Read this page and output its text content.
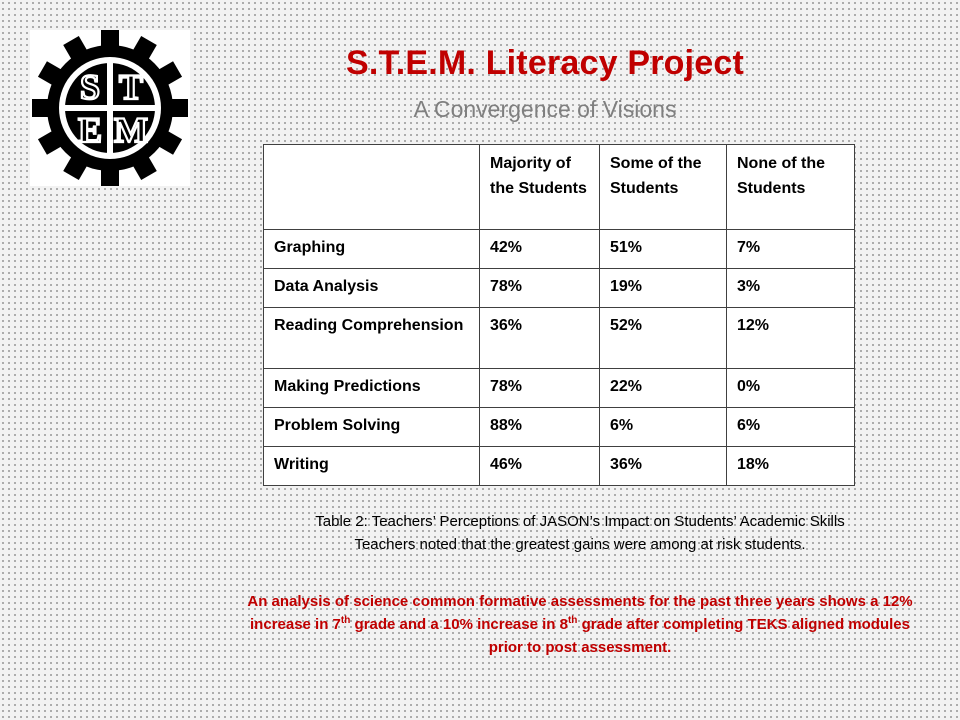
S T
E M
S.T.E.M. Literacy Project
A Convergence of Visions
	Majority of the Students	Some of the Students	None of the Students
Graphing	42%	51%	7%
Data Analysis	78%	19%	3%
Reading Comprehension	36%	52%	12%
Making Predictions	78%	22%	0%
Problem Solving	88%	6%	6%
Writing	46%	36%	18%
Table 2: Teachers’ Perceptions of JASON’s Impact on Students’ Academic Skills
Teachers noted that the greatest gains were among at risk students.
An analysis of science common formative assessments for the past three years shows a 12% increase in 7th grade and a 10% increase in 8th grade after completing TEKS aligned modules prior to post assessment.
